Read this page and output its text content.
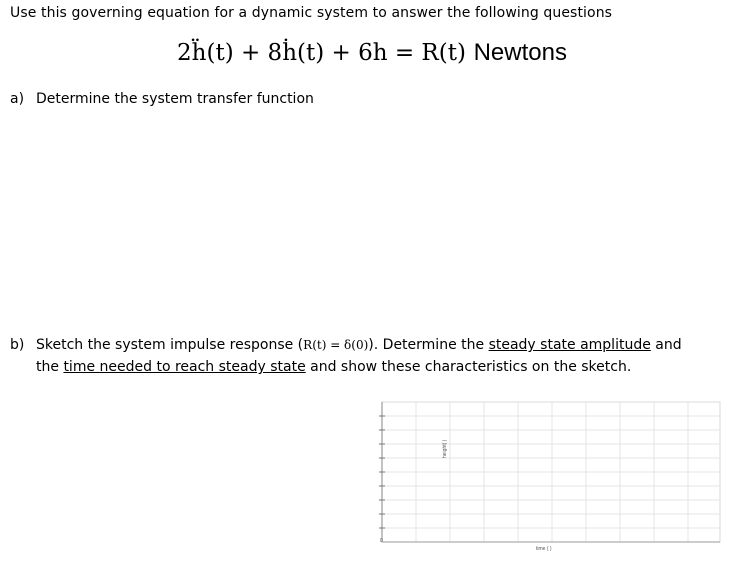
Use this governing equation for a dynamic system to answer the following questions
2ḧ(t) + 8ḣ(t) + 6h = R(t) Newtons
a) Determine the system transfer function
b) Sketch the system impulse response (R(t) = δ(0)). Determine the steady state amplitude and
the time needed to reach steady state and show these characteristics on the sketch.
height( )
0
time ( )
